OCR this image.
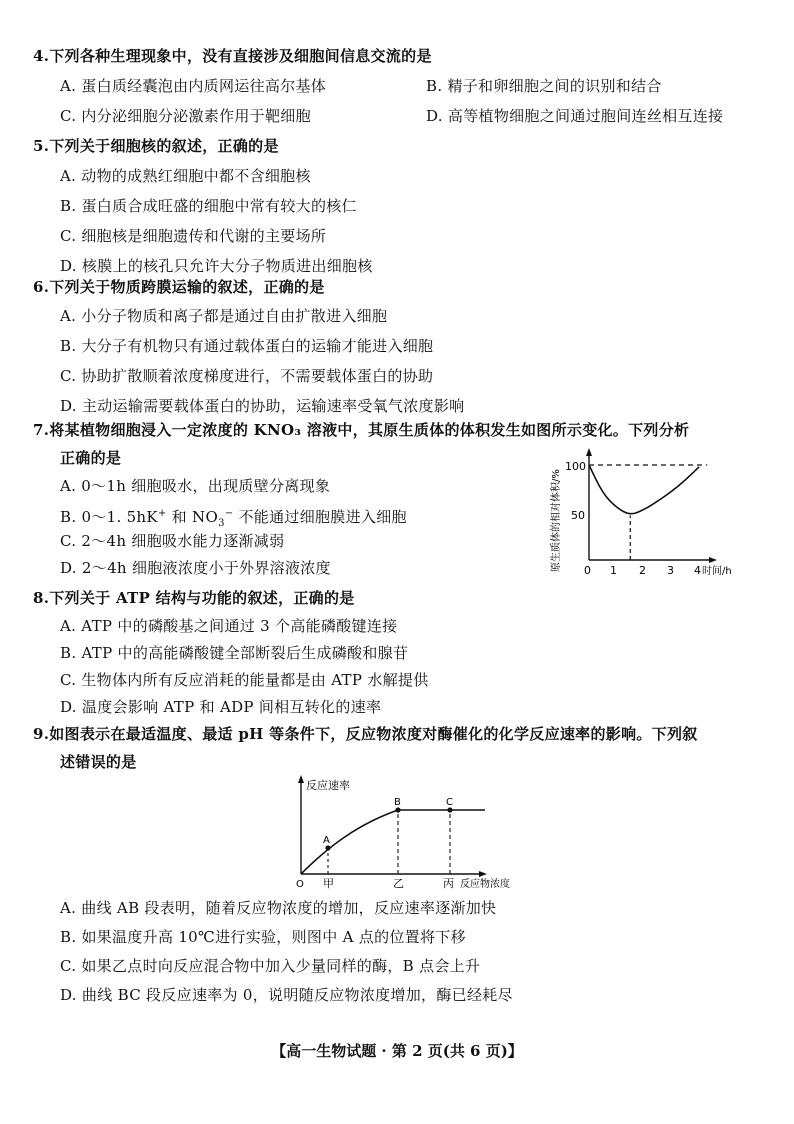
4.下列各种生理现象中，没有直接涉及细胞间信息交流的是
A. 蛋白质经囊泡由内质网运往高尔基体	B. 精子和卵细胞之间的识别和结合
C. 内分泌细胞分泌激素作用于靶细胞	D. 高等植物细胞之间通过胞间连丝相互连接
5.下列关于细胞核的叙述，正确的是
A. 动物的成熟红细胞中都不含细胞核
B. 蛋白质合成旺盛的细胞中常有较大的核仁
C. 细胞核是细胞遗传和代谢的主要场所
D. 核膜上的核孔只允许大分子物质进出细胞核
6.下列关于物质跨膜运输的叙述，正确的是
A. 小分子物质和离子都是通过自由扩散进入细胞
B. 大分子有机物只有通过载体蛋白的运输才能进入细胞
C. 协助扩散顺着浓度梯度进行，不需要载体蛋白的协助
D. 主动运输需要载体蛋白的协助，运输速率受氧气浓度影响
7.将某植物细胞浸入一定浓度的 KNO₃ 溶液中，其原生质体的体积发生如图所示变化。下列分析
正确的是
A. 0～1h 细胞吸水，出现质壁分离现象
B. 0～1. 5hK+ 和 $NO_3^-$ 不能通过细胞膜进入细胞
C. 2～4h 细胞吸水能力逐渐减弱
D. 2～4h 细胞液浓度小于外界溶液浓度	原生质体的相对体积/%
100
50
0 1 2 3 4 时间/h
8.下列关于 ATP 结构与功能的叙述，正确的是
A. ATP 中的磷酸基之间通过 3 个高能磷酸键连接
B. ATP 中的高能磷酸键全部断裂后生成磷酸和腺苷
C. 生物体内所有反应消耗的能量都是由 ATP 水解提供
D. 温度会影响 ATP 和 ADP 间相互转化的速率
9.如图表示在最适温度、最适 pH 等条件下，反应物浓度对酶催化的化学反应速率的影响。下列叙
述错误的是
反应速率
A
B	C
O 甲	乙	丙 反应物浓度
A. 曲线 AB 段表明，随着反应物浓度的增加，反应速率逐渐加快
B. 如果温度升高 10℃进行实验，则图中 A 点的位置将下移
C. 如果乙点时向反应混合物中加入少量同样的酶，B 点会上升
D. 曲线 BC 段反应速率为 0，说明随反应物浓度增加，酶已经耗尽
【高一生物试题 · 第 2 页(共 6 页)】
